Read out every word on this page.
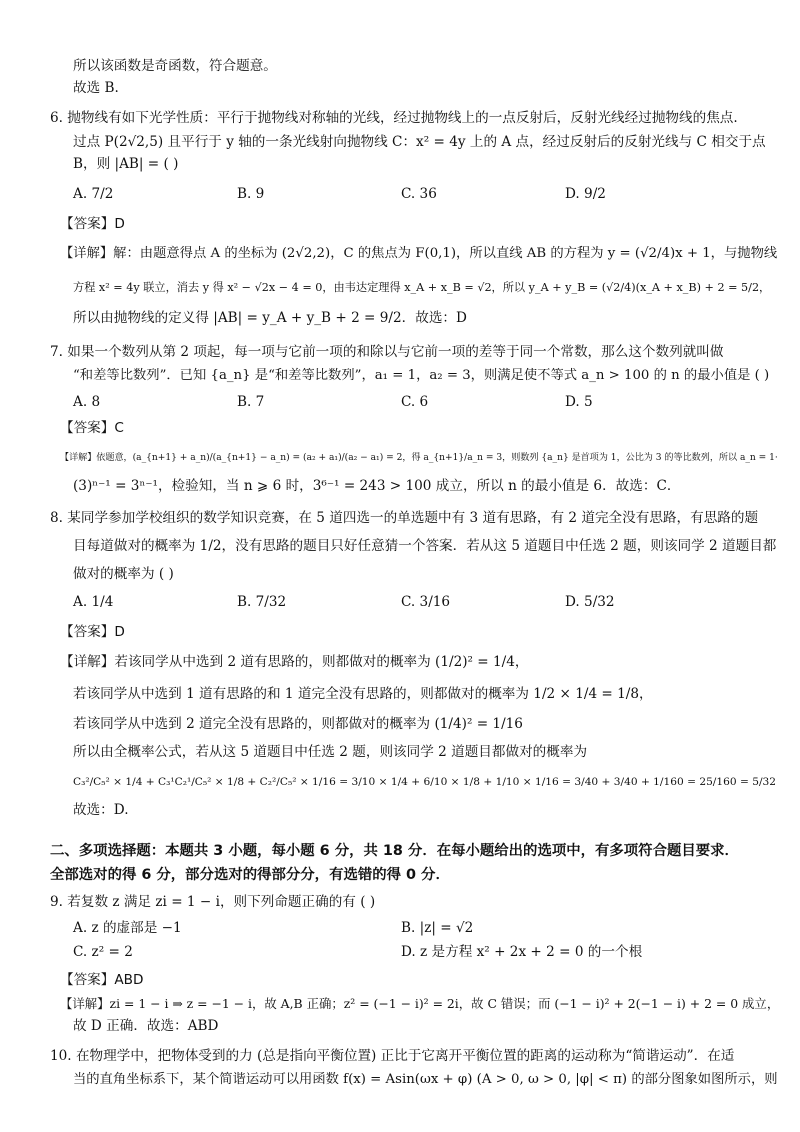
所以该函数是奇函数，符合题意。
故选 B.
6. 抛物线有如下光学性质：平行于抛物线对称轴的光线，经过抛物线上的一点反射后，反射光线经过抛物线的焦点.
过点 P(2√2,5) 且平行于 y 轴的一条光线射向抛物线 C：x² = 4y 上的 A 点，经过反射后的反射光线与 C 相交于点
B，则 |AB| = ( )
A. 7/2	B. 9	C. 36	D. 9/2
【答案】D
【详解】解：由题意得点 A 的坐标为 (2√2,2)，C 的焦点为 F(0,1)，所以直线 AB 的方程为 y = (√2/4)x + 1，与抛物线
方程 x² = 4y 联立，消去 y 得 x² − √2x − 4 = 0，由韦达定理得 x_A + x_B = √2，所以 y_A + y_B = (√2/4)(x_A + x_B) + 2 = 5/2，
所以由抛物线的定义得 |AB| = y_A + y_B + 2 = 9/2．故选：D
7. 如果一个数列从第 2 项起，每一项与它前一项的和除以与它前一项的差等于同一个常数，那么这个数列就叫做
“和差等比数列”．已知 {a_n} 是“和差等比数列”，a₁ = 1，a₂ = 3，则满足使不等式 a_n > 100 的 n 的最小值是 ( )
A. 8	B. 7	C. 6	D. 5
【答案】C
【详解】依题意，(a_{n+1} + a_n)/(a_{n+1} − a_n) = (a₂ + a₁)/(a₂ − a₁) = 2，得 a_{n+1}/a_n = 3，则数列 {a_n} 是首项为 1，公比为 3 的等比数列，所以 a_n = 1·
(3)ⁿ⁻¹ = 3ⁿ⁻¹，检验知，当 n ⩾ 6 时，3⁶⁻¹ = 243 > 100 成立，所以 n 的最小值是 6．故选：C．
8. 某同学参加学校组织的数学知识竞赛，在 5 道四选一的单选题中有 3 道有思路，有 2 道完全没有思路，有思路的题
目每道做对的概率为 1/2，没有思路的题目只好任意猜一个答案．若从这 5 道题目中任选 2 题，则该同学 2 道题目都
做对的概率为 ( )
A. 1/4	B. 7/32	C. 3/16	D. 5/32
【答案】D
【详解】若该同学从中选到 2 道有思路的，则都做对的概率为 (1/2)² = 1/4，
若该同学从中选到 1 道有思路的和 1 道完全没有思路的，则都做对的概率为 1/2 × 1/4 = 1/8，
若该同学从中选到 2 道完全没有思路的，则都做对的概率为 (1/4)² = 1/16
所以由全概率公式，若从这 5 道题目中任选 2 题，则该同学 2 道题目都做对的概率为
C₃²/C₅² × 1/4 + C₃¹C₂¹/C₅² × 1/8 + C₂²/C₅² × 1/16 = 3/10 × 1/4 + 6/10 × 1/8 + 1/10 × 1/16 = 3/40 + 3/40 + 1/160 = 25/160 = 5/32
故选：D.
二、多项选择题：本题共 3 小题，每小题 6 分，共 18 分．在每小题给出的选项中，有多项符合题目要求．
全部选对的得 6 分，部分选对的得部分分，有选错的得 0 分．
9. 若复数 z 满足 zi = 1 − i，则下列命题正确的有 ( )
A. z 的虚部是 −1	B. |z| = √2
C. z² = 2	D. z 是方程 x² + 2x + 2 = 0 的一个根
【答案】ABD
【详解】zi = 1 − i ⇒ z = −1 − i，故 A,B 正确；z² = (−1 − i)² = 2i，故 C 错误；而 (−1 − i)² + 2(−1 − i) + 2 = 0 成立，
故 D 正确．故选：ABD
10. 在物理学中，把物体受到的力 (总是指向平衡位置) 正比于它离开平衡位置的距离的运动称为“简谐运动”．在适
当的直角坐标系下，某个简谐运动可以用函数 f(x) = Asin(ωx + φ) (A > 0, ω > 0, |φ| < π) 的部分图象如图所示，则
